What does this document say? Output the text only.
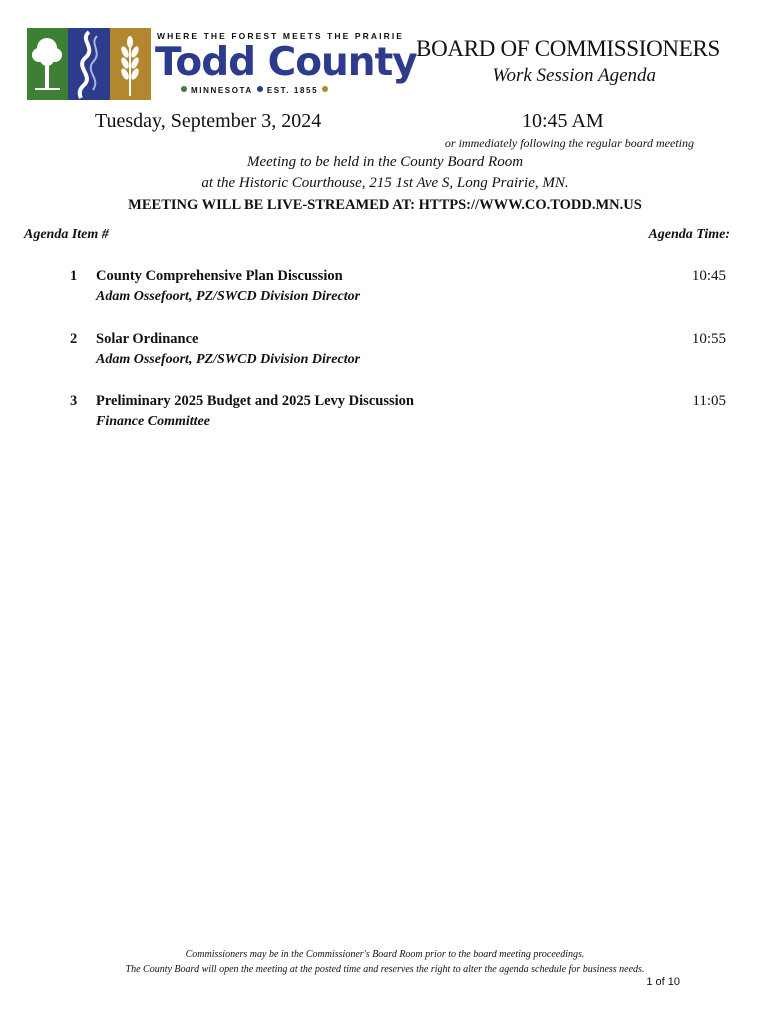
WHERE THE FOREST MEETS THE PRAIRIE
Todd County
MINNESOTA EST. 1855
BOARD OF COMMISSIONERS
Work Session Agenda
Tuesday, September 3, 2024	10:45 AM
or immediately following the regular board meeting
Meeting to be held in the County Board Room
at the Historic Courthouse, 215 1st Ave S, Long Prairie, MN.
MEETING WILL BE LIVE-STREAMED AT: HTTPS://WWW.CO.TODD.MN.US
Agenda Item #	Agenda Time:
1 County Comprehensive Plan Discussion
Adam Ossefoort, PZ/SWCD Division Director
10:45
2 Solar Ordinance
Adam Ossefoort, PZ/SWCD Division Director
10:55
3 Preliminary 2025 Budget and 2025 Levy Discussion
Finance Committee
11:05
Commissioners may be in the Commissioner's Board Room prior to the board meeting proceedings.
The County Board will open the meeting at the posted time and reserves the right to alter the agenda schedule for business needs.
1 of 10
